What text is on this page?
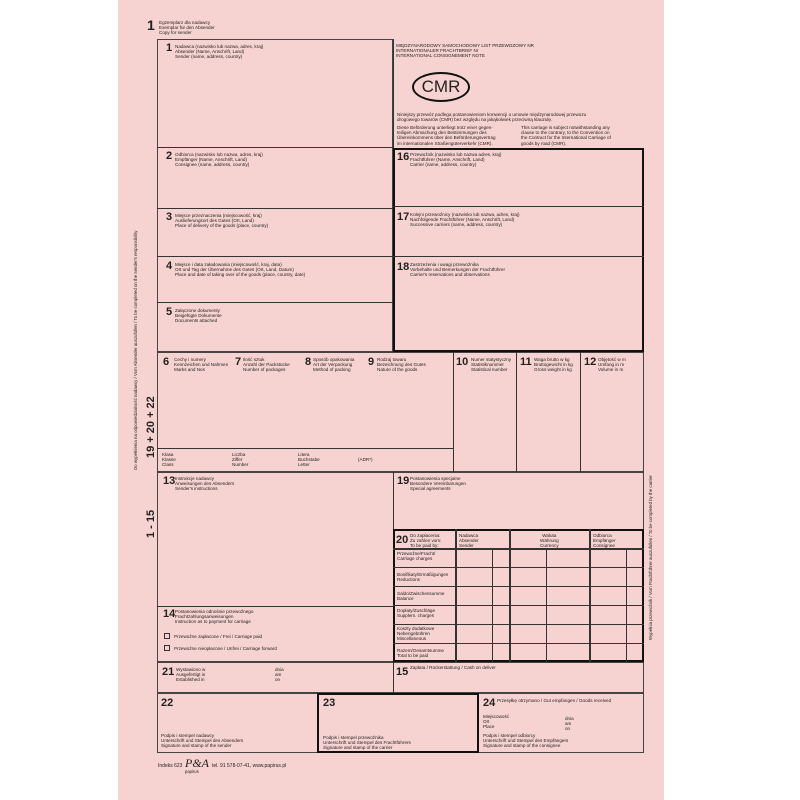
1 Egzemplarz dla nadawcy
Exemplar für den Absender
Copy for sender
MIĘDZYNARODOWY SAMOCHODOWY LIST PRZEWOZOWY NR
INTERNATIONALER FRACHTBRIEF Nr
INTERNATIONAL CONSIGNEMENT NOTE
CMR
Niniejszy przewóz podlega postanowieniom konwencji o umowie międzynarodowej przewozu
drogowego towarów (CMR) bez względu na jakąkolwiek przeciwną klauzulę.
Diese Beförderung unterliegt trotz einer gegen-
teiligen Abmachung den Bestimmungen des
Übereinkommens über den Beförderungsvertrag
im internationalen Straßengüterverkehr (CMR).
This carriage is subject notwithstanding any
clause to the contrary, to the Convention on
the Contract for the International Carriage of
goods by road (CMR).
1 Nadawca (nazwisko lub nazwa, adres, kraj)
Absender (Name, Anschrift, Land)
Sender (name, address, country)
2 Odbiorca (nazwisko lub nazwa, adres, kraj)
Empfänger (Name, Anschrift, Land)
Consignee (name, address, country)
3 Miejsce przeznaczenia (miejscowość, kraj)
Auslieferungsort des Gutes (Ort, Land)
Place of delivery of the goods (place, country)
4 Miejsce i data załadowania (miejscowość, kraj, data)
Ort und Tag der Übernahme des Gutes (Ort, Land, Datum)
Place and date of taking over of the goods (place, country, date)
5 Załączone dokumenty
Beigefügte Dokumente
Documents attached
16 Przewoźnik (nazwisko lub nazwa adres, kraj)
Frachtführer (Name, Anschrift, Land)
Carrier (name, address, country)
17 Kolejni przewoźnicy (nazwisko lub nazwa, adres, kraj)
Nachfolgende Frachtführer (Name, Anschrift, Land)
Successive carriers (name, address, country)
18 Zastrzeżenia i uwagi przewoźnika
Vorbehalte und Bemerkungen der Frachtführer
Carrier's reservations and observations
6 Cechy i numery
Kennzeichen und Nahmen
Marks and Nos
7 Ilość sztuk
Anzahl der Packstücke
Number of packages
8 Sposób opakowania
Art der Verpackung
Method of packing
9 Rodzaj towaru
Bezeichnung des Gutes
Nature of the goods
10 Numer statystyczny
Statistiknummer
Statistical number
11 Waga brutto w kg
Bruttogewicht in kg
Gross weight in kg
12 Objętość w m
Umfang in m
Volume in m
Klasa
Klasse
Class
Liczba
Ziffer
Number
Litera
Buchstabe
Letter
(ADR*)
13 Instrukcje nadawcy
Anweisungen des Absenders
Sender's instructions
19 Postanowienia specjalne
Besondere Vereinbarungen
Special agreements
14 Postanowienia odnośnie przewoźnego
Frachtzahlungsanweisungen
Instruction as to payment for carriage
Przewoźne zapłacone / Frei / Carriage paid
Przewoźne nieopłacone / Unfrei / Carriage forward
20 Do zapłacenia:
Zu zahlen vom:
To be paid by:
Nadawca
Absender
Sender
Waluta
Währung
Currency
Odbiorca
Empfänger
Consignee
Przewoźne/Fracht/
Carriage charges
Bonifikaty/Ermäßigungen
Reductions
Saldo/Zwischensumme
Balance
Dopłaty/Zuschläge
Supplem. charges
Koszty dodatkowe
Nebengebühren
Miscellaneous
Razem/Gesamtsumme
Total to be paid
21 Wystawiono w
Ausgefertigt in
Established in
dnia
am
on
15 Zapłata / Rückerstattung / Cash on deliver
22
Podpis i stempel nadawcy
Unterschrift und Stempel des Absenders
Signature and stamp of the sender
23
Podpis i stempel przewoźnika
Unterschrift und Stempel des Frachtführers
Signature and stamp of the carrier
24 Przesyłkę otrzymano / Gut empfangen / Goods received
Miejscowość
Ort
Place
dnia
am
on
Podpis i stempel odbiorcy
Unterschrift und Stempel des Empfängers
Signature and stamp of the consignee
1 - 15
19 + 20 + 22
Do wypełnienia na odpowiedzialność nadawcy / Vom Absender auszufüllen / To be completed on the sender's responsibility
Wypełnia przewoźnik / Vom Frachtführer auszufüllen / To be completed by the carrier
Indeks 623 P&A
papirus
tel. 91 578-07-41, www.papirus.pl
